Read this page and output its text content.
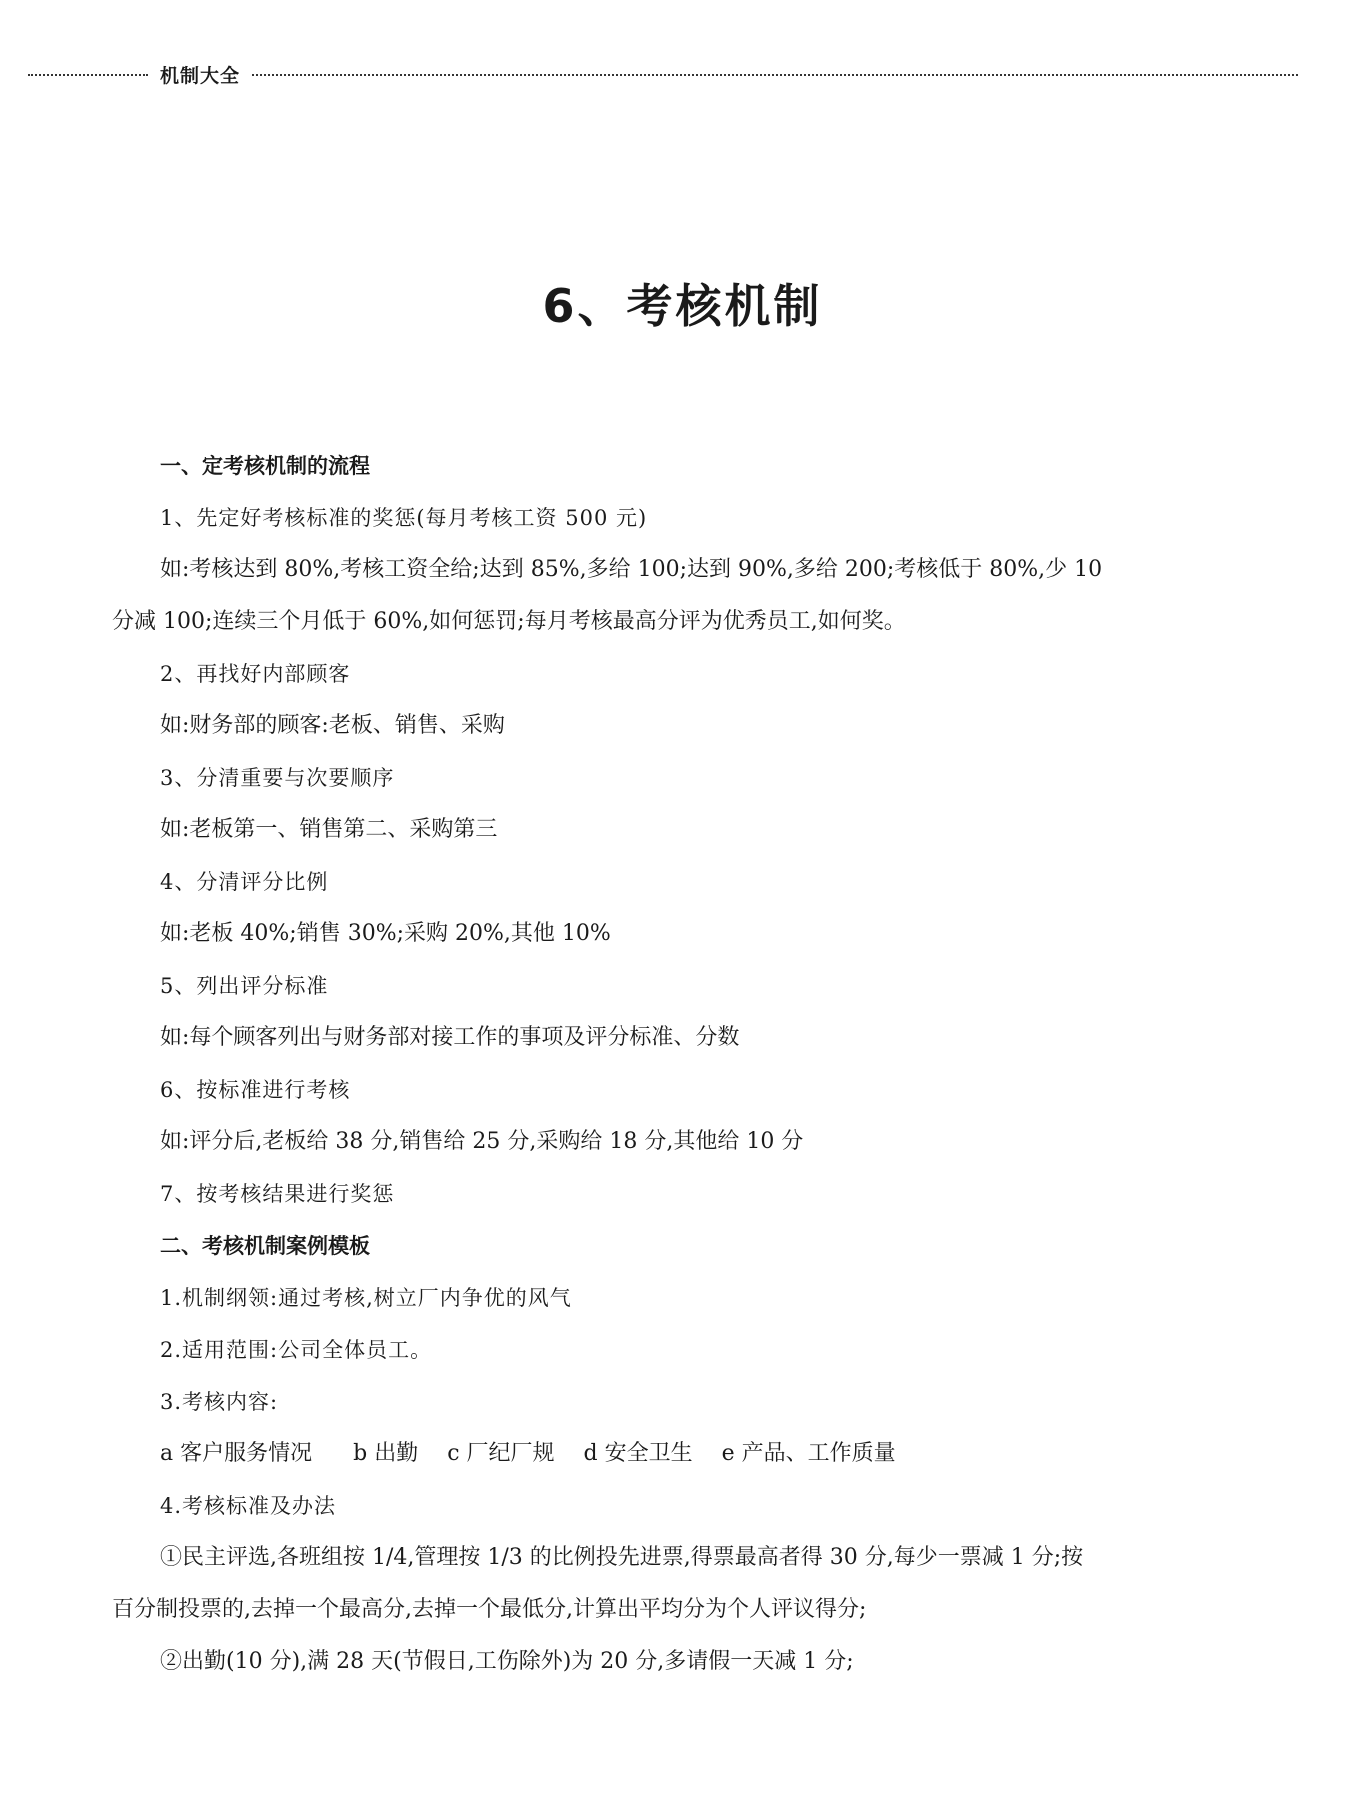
机制大全
6、考核机制
一、定考核机制的流程
1、先定好考核标准的奖惩(每月考核工资 500 元)
如:考核达到 80%,考核工资全给;达到 85%,多给 100;达到 90%,多给 200;考核低于 80%,少 10
分减 100;连续三个月低于 60%,如何惩罚;每月考核最高分评为优秀员工,如何奖。
2、再找好内部顾客
如:财务部的顾客:老板、销售、采购
3、分清重要与次要顺序
如:老板第一、销售第二、采购第三
4、分清评分比例
如:老板 40%;销售 30%;采购 20%,其他 10%
5、列出评分标准
如:每个顾客列出与财务部对接工作的事项及评分标准、分数
6、按标准进行考核
如:评分后,老板给 38 分,销售给 25 分,采购给 18 分,其他给 10 分
7、按考核结果进行奖惩
二、考核机制案例模板
1.机制纲领:通过考核,树立厂内争优的风气
2.适用范围:公司全体员工。
3.考核内容:
a 客户服务情况 b 出勤 c 厂纪厂规 d 安全卫生 e 产品、工作质量
4.考核标准及办法
①民主评选,各班组按 1/4,管理按 1/3 的比例投先进票,得票最高者得 30 分,每少一票减 1 分;按
百分制投票的,去掉一个最高分,去掉一个最低分,计算出平均分为个人评议得分;
②出勤(10 分),满 28 天(节假日,工伤除外)为 20 分,多请假一天减 1 分;
